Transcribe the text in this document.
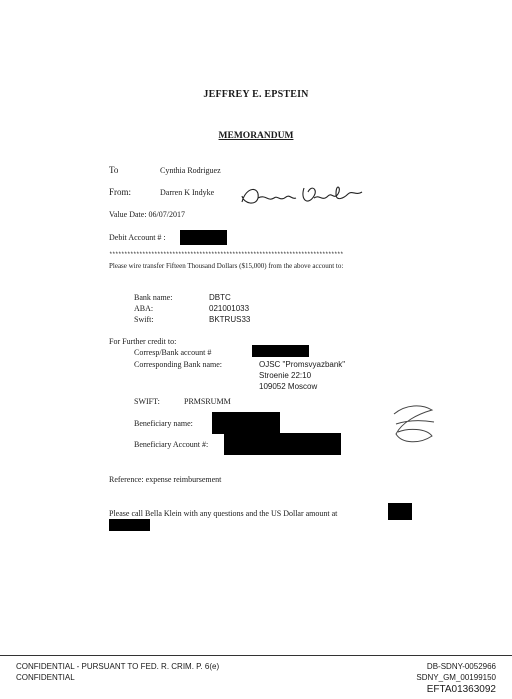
JEFFREY E. EPSTEIN
MEMORANDUM
To	Cynthia Rodriguez
From:	Darren K Indyke
Value Date: 06/07/2017
Debit Account # :
******************************************************************************
Please wire transfer Fifteen Thousand Dollars ($15,000) from the above account to:
Bank name:	DBTC
ABA:	021001033
Swift:	BKTRUS33
For Further credit to:
Corresp/Bank account #
Corresponding Bank name:	OJSC "Promsvyazbank"
Stroenie 22:10
109052 Moscow
SWIFT:	PRMSRUMM
Beneficiary name:
Beneficiary Account #:
Reference: expense reimbursement
Please call Bella Klein with any questions and the US Dollar amount at
CONFIDENTIAL - PURSUANT TO FED. R. CRIM. P. 6(e)
CONFIDENTIAL
DB-SDNY-0052966
SDNY_GM_00199150
EFTA01363092
